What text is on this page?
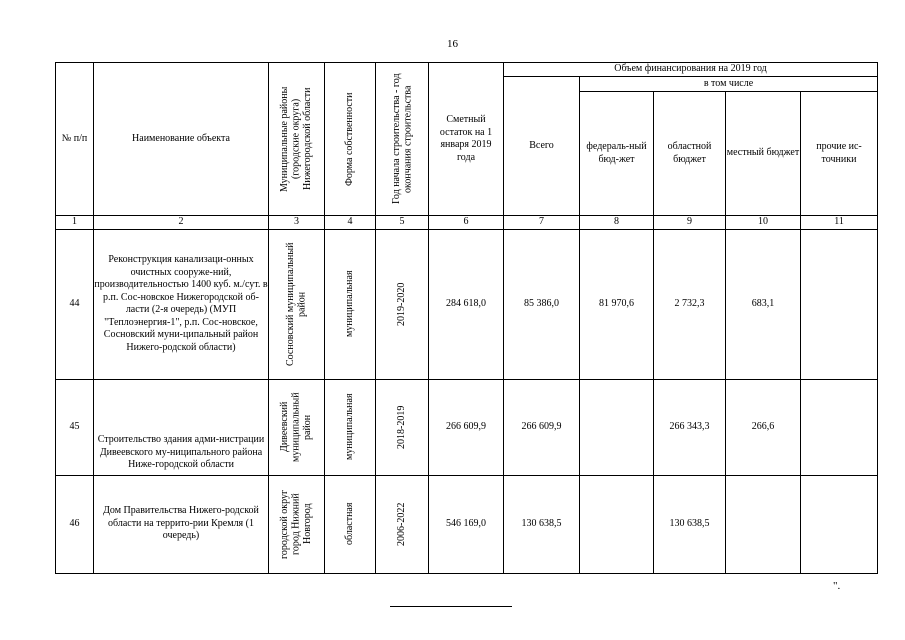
16
№ п/п	Наименование объекта	Муниципальные районы (городские округа) Нижегородской области	Форма собственности	Год начала строительства - год окончания строительства	Сметный остаток на 1 января 2019 года	Объем финансирования на 2019 год				
						Всего	в том числе			
							федераль-ный бюд-жет	областной бюджет	местный бюджет	прочие ис-точники
1	2	3	4	5	6	7	8	9	10	11
44	Реконструкция канализаци-онных очистных сооруже-ний, производительностью 1400 куб. м./сут. в р.п. Сос-новское Нижегородской об-ласти (2-я очередь) (МУП "Теплоэнергия-1", р.п. Сос-новское, Сосновский муни-ципальный район Нижего-родской области)	Сосновский муниципальный район	муниципальная	2019-2020	284 618,0	85 386,0	81 970,6	2 732,3	683,1	
45	Строительство здания адми-нистрации Дивеевского му-ниципального района Ниже-городской области	Дивеевский муниципальный район	муниципальная	2018-2019	266 609,9	266 609,9		266 343,3	266,6	
46	Дом Правительства Нижего-родской области на террито-рии Кремля (1 очередь)	городской округ город Нижний Новгород	областная	2006-2022	546 169,0	130 638,5		130 638,5		
".
